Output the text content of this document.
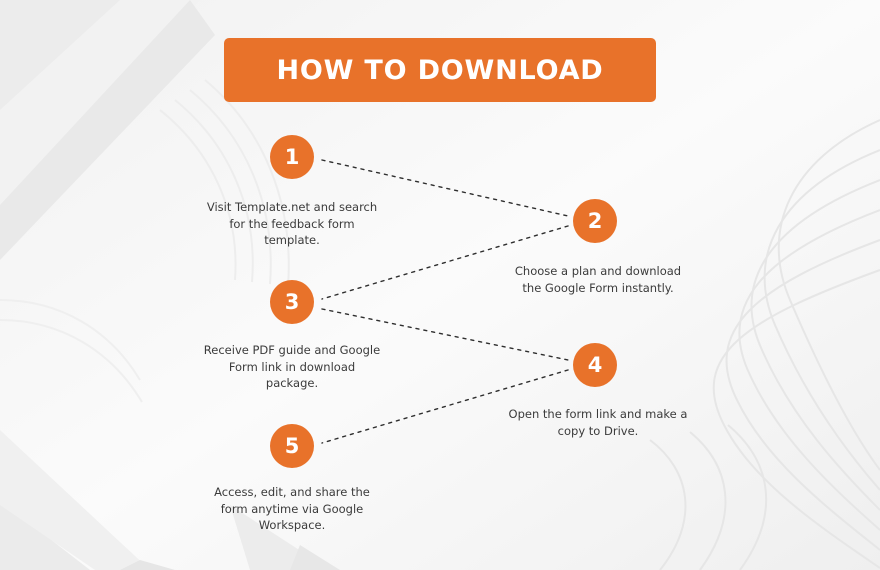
HOW TO DOWNLOAD
1
2
3
4
5
Visit Template.net and search for the feedback form template.
Choose a plan and download the Google Form instantly.
Receive PDF guide and Google Form link in download package.
Open the form link and make a copy to Drive.
Access, edit, and share the form anytime via Google Workspace.
